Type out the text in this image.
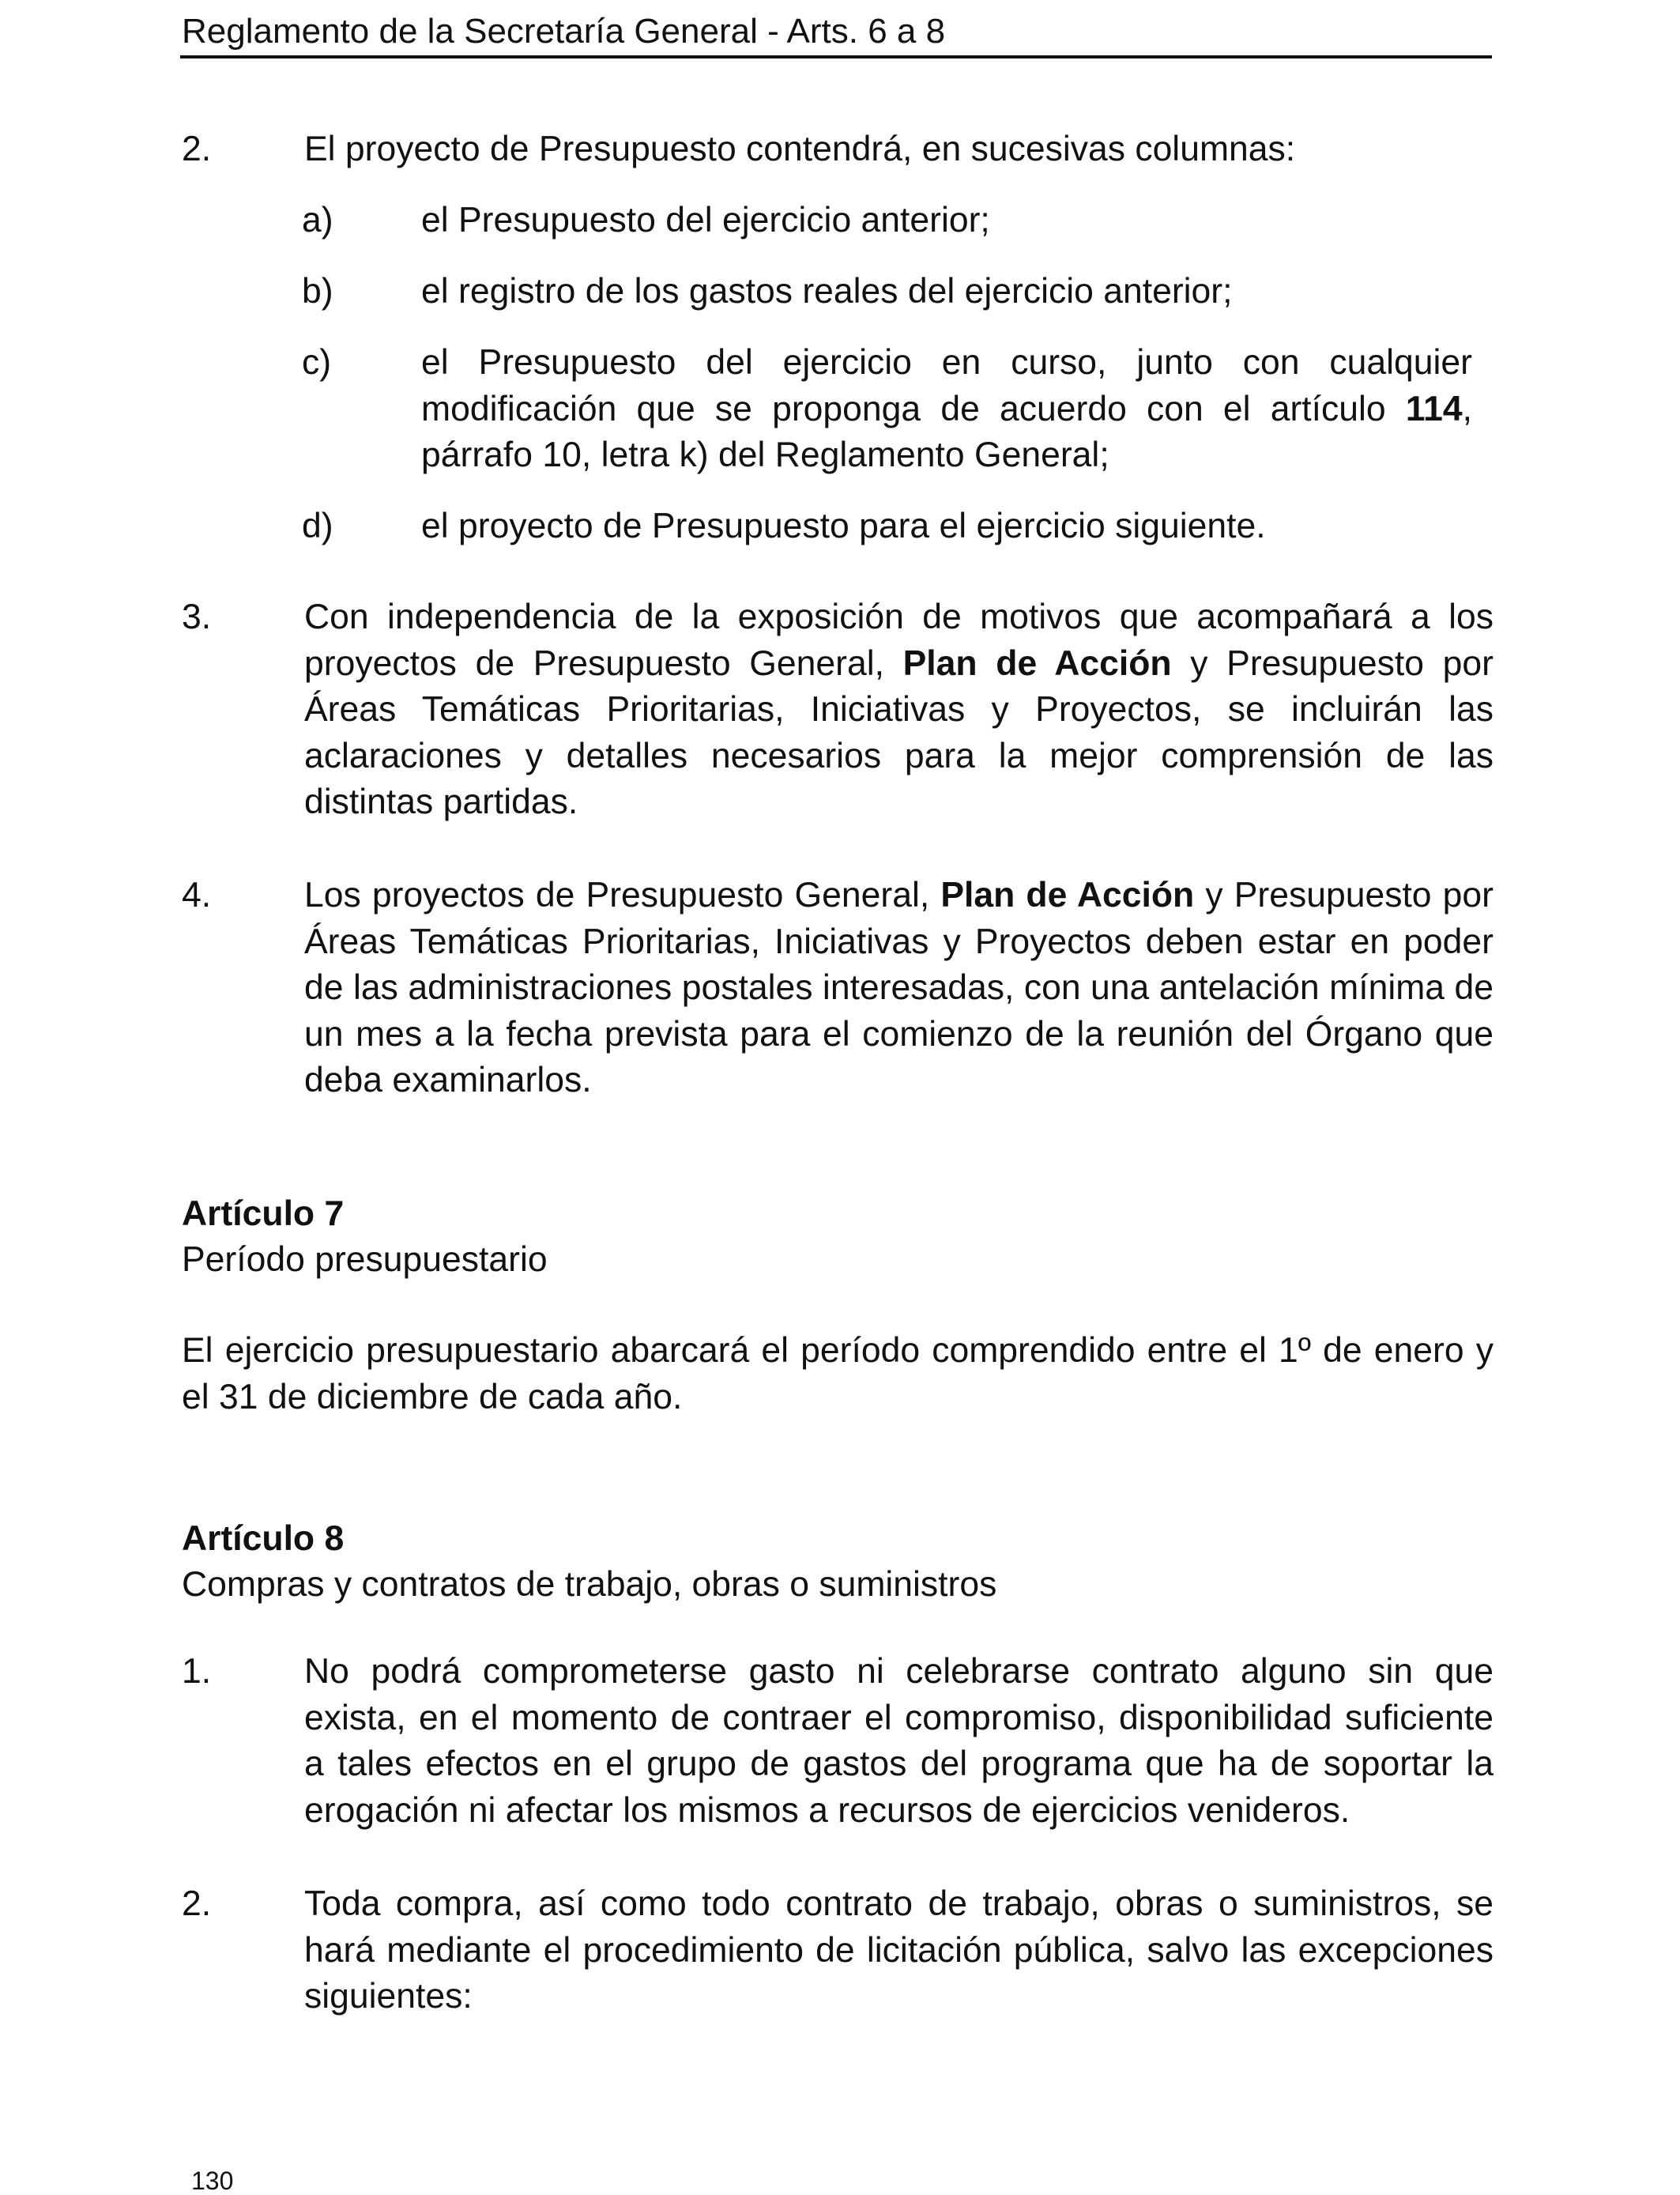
Reglamento de la Secretaría General - Arts. 6 a 8
2.	El proyecto de Presupuesto contendrá, en sucesivas columnas:
a)	el Presupuesto del ejercicio anterior;
b)	el registro de los gastos reales del ejercicio anterior;
c)	el Presupuesto del ejercicio en curso, junto con cualquier modificación que se proponga de acuerdo con el artículo 114, párrafo 10, letra k) del Reglamento General;
d)	el proyecto de Presupuesto para el ejercicio siguiente.
3.	Con independencia de la exposición de motivos que acompañará a los proyectos de Presupuesto General, Plan de Acción y Presupuesto por Áreas Temáticas Prioritarias, Iniciativas y Proyectos, se incluirán las aclaraciones y detalles necesarios para la mejor comprensión de las distintas partidas.
4.	Los proyectos de Presupuesto General, Plan de Acción y Presupuesto por Áreas Temáticas Prioritarias, Iniciativas y Proyectos deben estar en poder de las administraciones postales interesadas, con una antelación mínima de un mes a la fecha prevista para el comienzo de la reunión del Órgano que deba examinarlos.
Artículo 7
Período presupuestario
El ejercicio presupuestario abarcará el período comprendido entre el 1º de enero y el 31 de diciembre de cada año.
Artículo 8
Compras y contratos de trabajo, obras o suministros
1.	No podrá comprometerse gasto ni celebrarse contrato alguno sin que exista, en el momento de contraer el compromiso, disponibilidad suficiente a tales efectos en el grupo de gastos del programa que ha de soportar la erogación ni afectar los mismos a recursos de ejercicios venideros.
2.	Toda compra, así como todo contrato de trabajo, obras o suministros, se hará mediante el procedimiento de licitación pública, salvo las excepciones siguientes:
130
